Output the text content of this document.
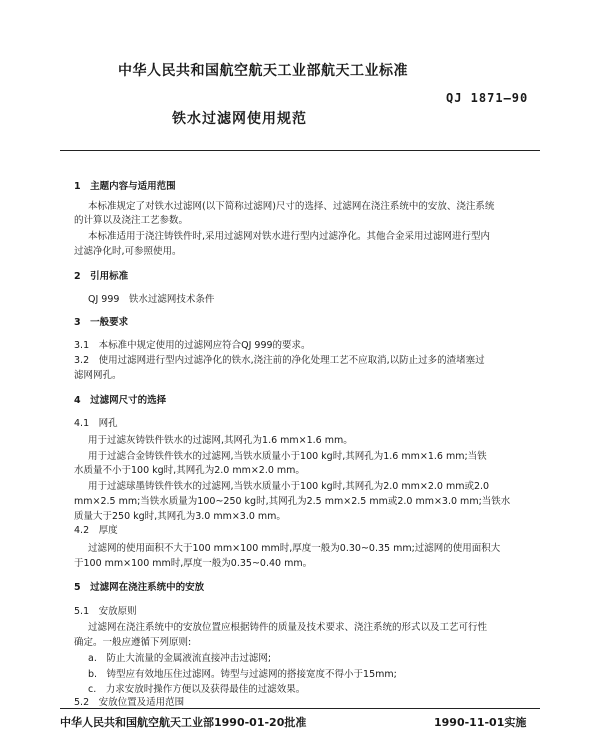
中华人民共和国航空航天工业部航天工业标准
QJ 1871—90
铁水过滤网使用规范
1　主题内容与适用范围
本标准规定了对铁水过滤网(以下简称过滤网)尺寸的选择、过滤网在浇注系统中的安放、浇注系统
的计算以及浇注工艺参数。
本标准适用于浇注铸铁件时,采用过滤网对铁水进行型内过滤净化。其他合金采用过滤网进行型内
过滤净化时,可参照使用。
2　引用标准
QJ 999　铁水过滤网技术条件
3　一般要求
3.1　本标准中规定使用的过滤网应符合QJ 999的要求。
3.2　使用过滤网进行型内过滤净化的铁水,浇注前的净化处理工艺不应取消,以防止过多的渣堵塞过
滤网网孔。
4　过滤网尺寸的选择
4.1　网孔
用于过滤灰铸铁件铁水的过滤网,其网孔为1.6 mm×1.6 mm。
用于过滤合金铸铁件铁水的过滤网,当铁水质量小于100 kg时,其网孔为1.6 mm×1.6 mm;当铁
水质量不小于100 kg时,其网孔为2.0 mm×2.0 mm。
用于过滤球墨铸铁件铁水的过滤网,当铁水质量小于100 kg时,其网孔为2.0 mm×2.0 mm或2.0
mm×2.5 mm;当铁水质量为100~250 kg时,其网孔为2.5 mm×2.5 mm或2.0 mm×3.0 mm;当铁水
质量大于250 kg时,其网孔为3.0 mm×3.0 mm。
4.2　厚度
过滤网的使用面积不大于100 mm×100 mm时,厚度一般为0.30~0.35 mm;过滤网的使用面积大
于100 mm×100 mm时,厚度一般为0.35~0.40 mm。
5　过滤网在浇注系统中的安放
5.1　安放原则
过滤网在浇注系统中的安放位置应根据铸件的质量及技术要求、浇注系统的形式以及工艺可行性
确定。一般应遵循下列原则:
a.　防止大流量的金属液流直接冲击过滤网;
b.　铸型应有效地压住过滤网。铸型与过滤网的搭接宽度不得小于15mm;
c.　力求安放时操作方便以及获得最佳的过滤效果。
5.2　安放位置及适用范围
中华人民共和国航空航天工业部1990-01-20批准	1990-11-01实施
